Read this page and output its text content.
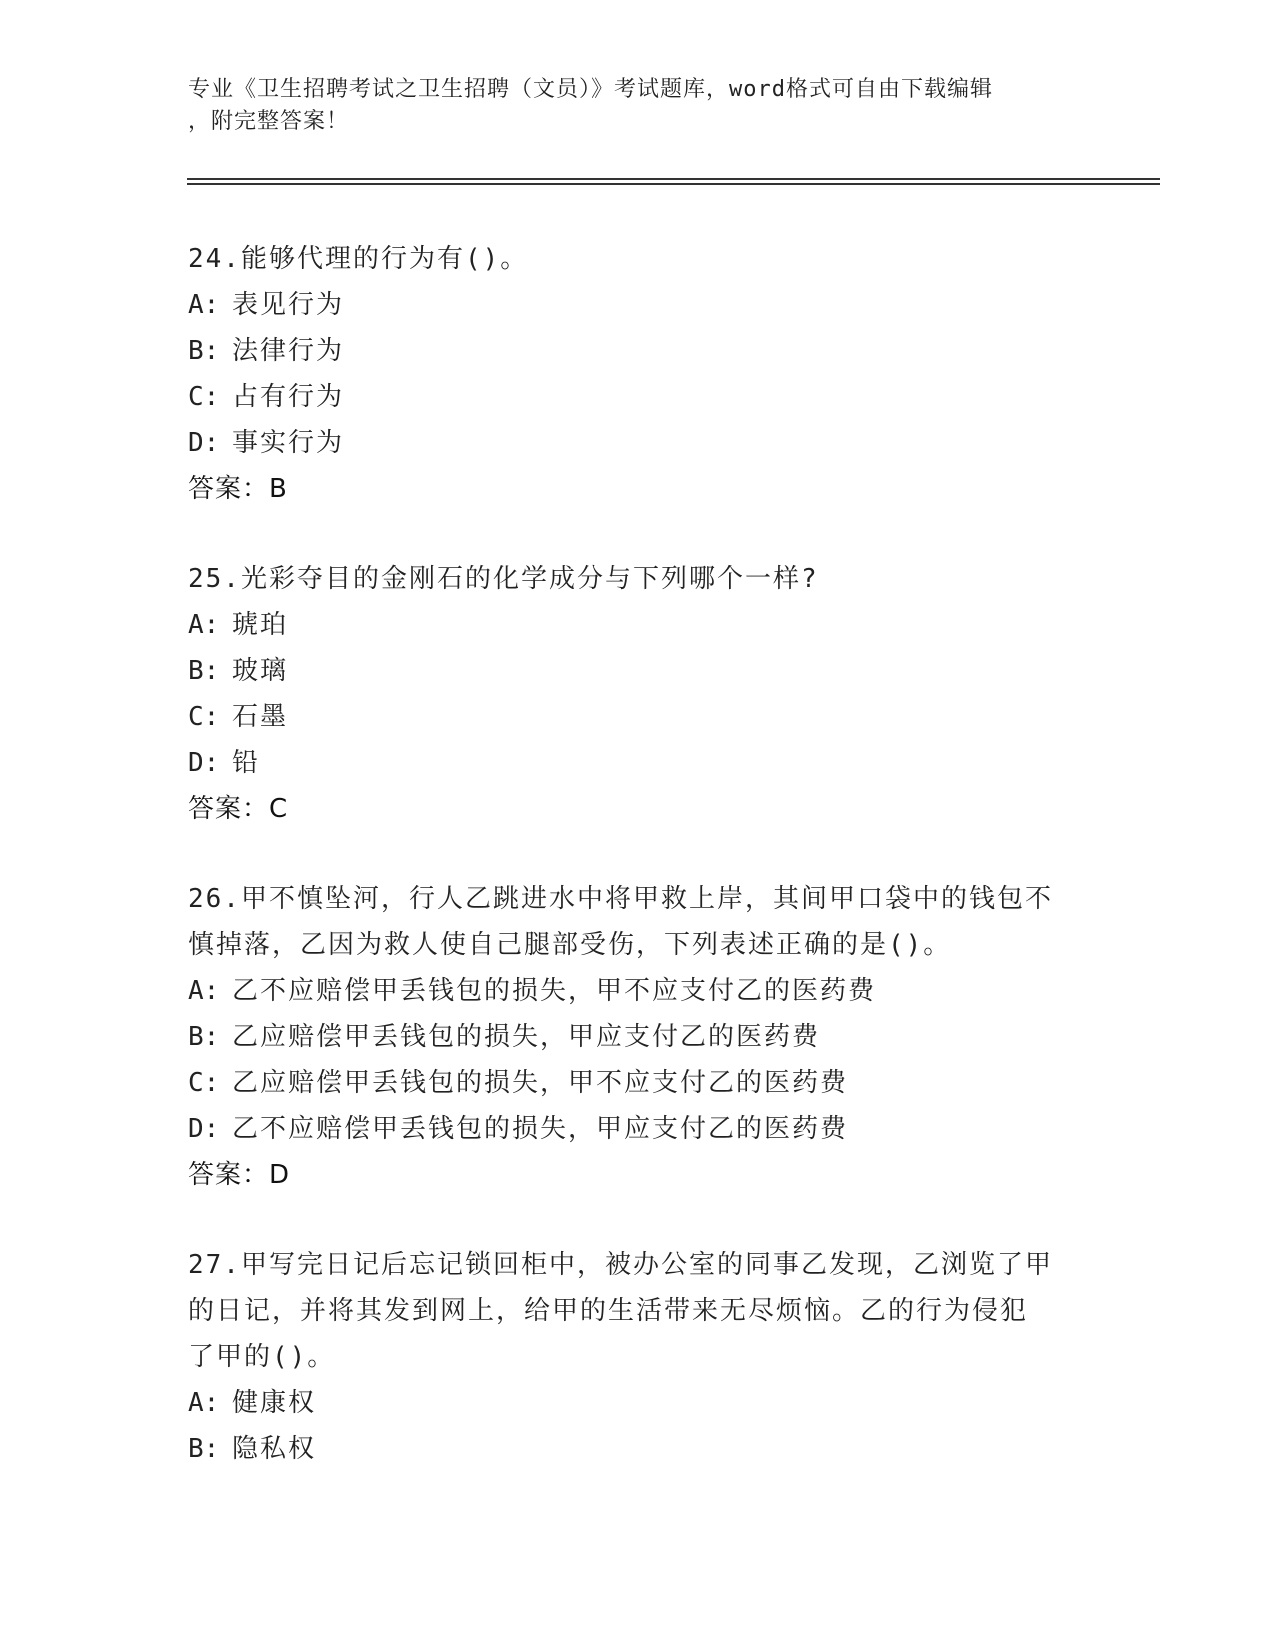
专业《卫生招聘考试之卫生招聘（文员）》考试题库，word格式可自由下载编辑
，附完整答案！
24.能够代理的行为有()。
A: 表见行为
B: 法律行为
C: 占有行为
D: 事实行为
答案：B
25.光彩夺目的金刚石的化学成分与下列哪个一样?
A: 琥珀
B: 玻璃
C: 石墨
D: 铅
答案：C
26.甲不慎坠河，行人乙跳进水中将甲救上岸，其间甲口袋中的钱包不
慎掉落，乙因为救人使自己腿部受伤，下列表述正确的是()。
A: 乙不应赔偿甲丢钱包的损失，甲不应支付乙的医药费
B: 乙应赔偿甲丢钱包的损失，甲应支付乙的医药费
C: 乙应赔偿甲丢钱包的损失，甲不应支付乙的医药费
D: 乙不应赔偿甲丢钱包的损失，甲应支付乙的医药费
答案：D
27.甲写完日记后忘记锁回柜中，被办公室的同事乙发现，乙浏览了甲
的日记，并将其发到网上，给甲的生活带来无尽烦恼。乙的行为侵犯
了甲的()。
A: 健康权
B: 隐私权
